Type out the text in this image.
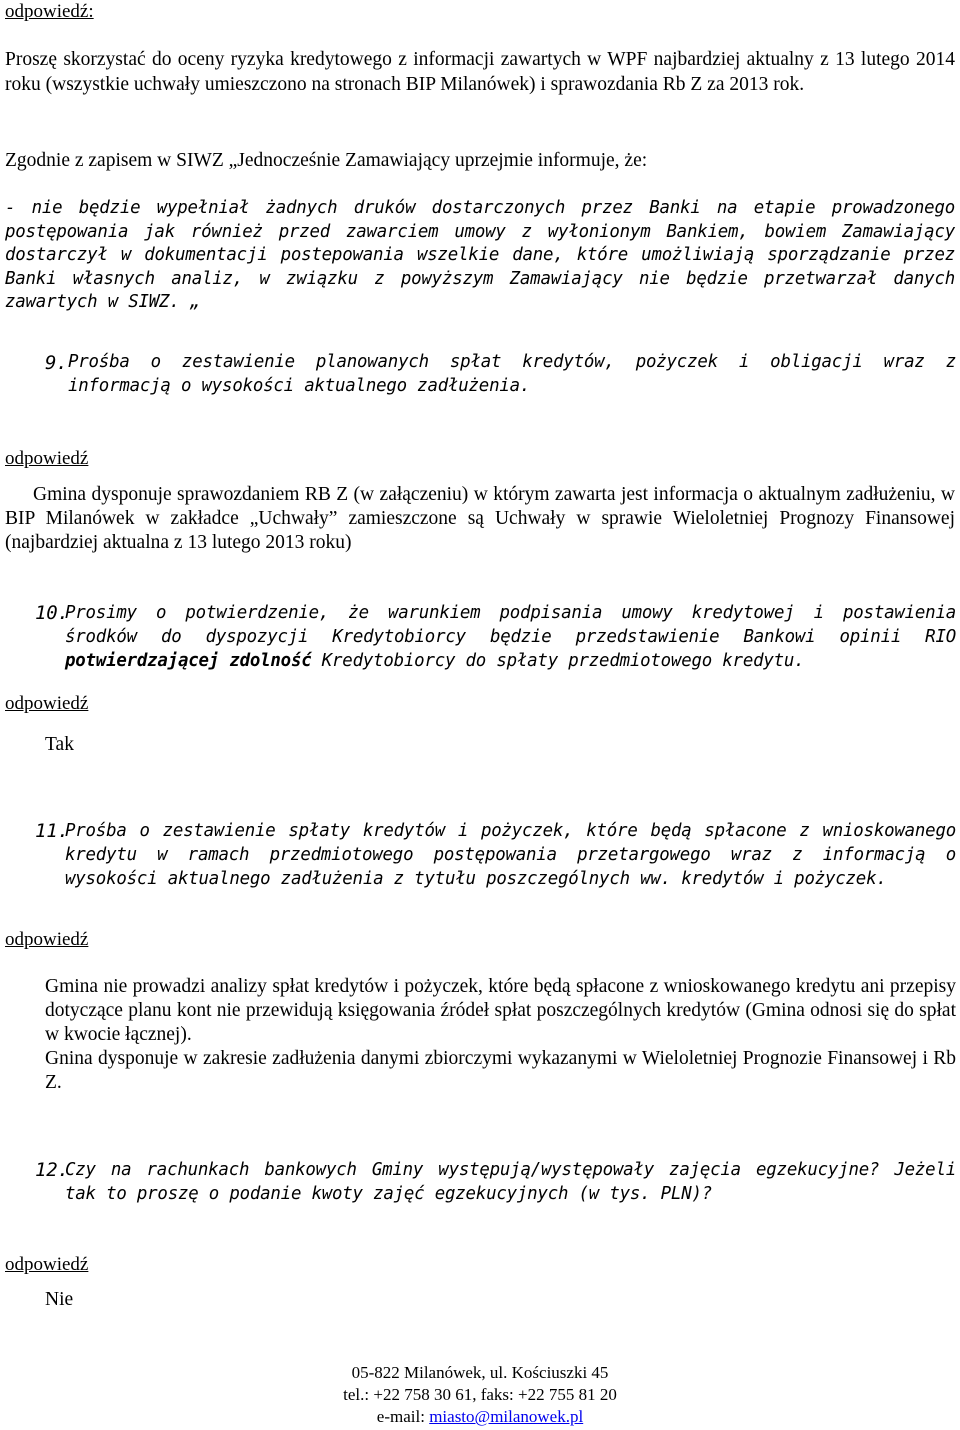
odpowiedź:
Proszę skorzystać do oceny ryzyka kredytowego z informacji zawartych w WPF najbardziej aktualny z 13 lutego 2014 roku (wszystkie uchwały umieszczono na stronach BIP Milanówek) i sprawozdania Rb Z za 2013 rok.
Zgodnie z zapisem w SIWZ „Jednocześnie Zamawiający uprzejmie informuje, że:
- nie będzie wypełniał żadnych druków dostarczonych przez Banki na etapie prowadzonego postępowania jak również przed zawarciem umowy z wyłonionym Bankiem, bowiem Zamawiający dostarczył w dokumentacji postepowania wszelkie dane, które umożliwiają sporządzanie przez Banki własnych analiz, w związku z powyższym Zamawiający nie będzie przetwarzał danych zawartych w SIWZ. „
9. Prośba o zestawienie planowanych spłat kredytów, pożyczek i obligacji wraz z informacją o wysokości aktualnego zadłużenia.
odpowiedź
Gmina dysponuje sprawozdaniem RB Z (w załączeniu) w którym zawarta jest informacja o aktualnym zadłużeniu, w BIP Milanówek w zakładce „Uchwały” zamieszczone są Uchwały w sprawie Wieloletniej Prognozy Finansowej (najbardziej aktualna z 13 lutego 2013 roku)
10.
Prosimy o potwierdzenie, że warunkiem podpisania umowy kredytowej i postawienia środków do dyspozycji Kredytobiorcy będzie przedstawienie Bankowi opinii RIO potwierdzającej zdolność Kredytobiorcy do spłaty przedmiotowego kredytu.
odpowiedź
Tak
11.
Prośba o zestawienie spłaty kredytów i pożyczek, które będą spłacone z wnioskowanego kredytu w ramach przedmiotowego postępowania przetargowego wraz z informacją o wysokości aktualnego zadłużenia z tytułu poszczególnych ww. kredytów i pożyczek.
odpowiedź
Gmina nie prowadzi analizy spłat kredytów i pożyczek, które będą spłacone z wnioskowanego kredytu ani przepisy dotyczące planu kont nie przewidują księgowania źródeł spłat poszczególnych kredytów (Gmina odnosi się do spłat w kwocie łącznej).
Gnina dysponuje w zakresie zadłużenia danymi zbiorczymi wykazanymi w Wieloletniej Prognozie Finansowej i Rb Z.
12.
Czy na rachunkach bankowych Gminy występują/występowały zajęcia egzekucyjne? Jeżeli tak to proszę o podanie kwoty zajęć egzekucyjnych (w tys. PLN)?
odpowiedź
Nie
05-822 Milanówek, ul. Kościuszki 45
tel.: +22 758 30 61, faks: +22 755 81 20
e-mail: miasto@milanowek.pl
